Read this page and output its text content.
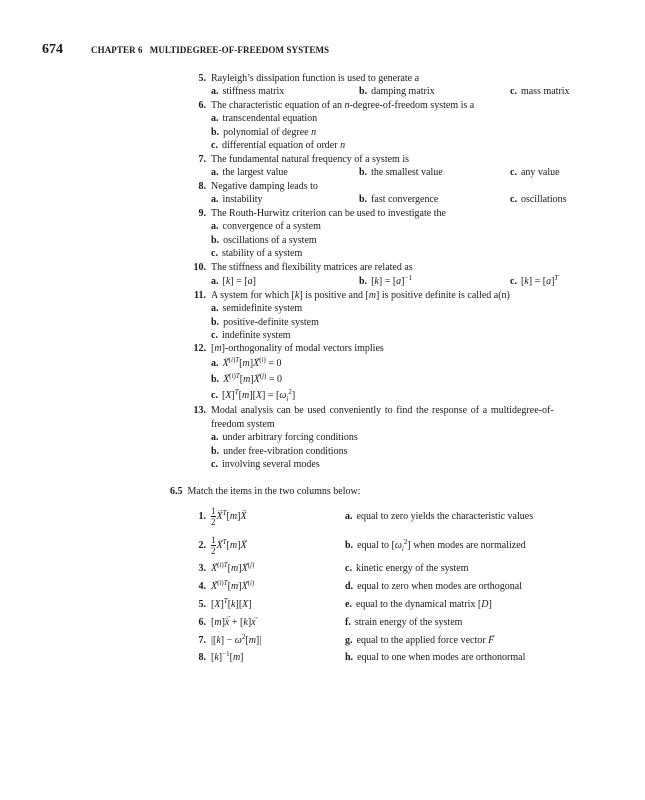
674	CHAPTER 6 MULTIDEGREE-OF-FREEDOM SYSTEMS
5. Rayleigh’s dissipation function is used to generate a
a. stiffness matrix	b. damping matrix	c. mass matrix
6. The characteristic equation of an n-degree-of-freedom system is a
a. transcendental equation
b. polynomial of degree n
c. differential equation of order n
7. The fundamental natural frequency of a system is
a. the largest value	b. the smallest value	c. any value
8. Negative damping leads to
a. instability	b. fast convergence	c. oscillations
9. The Routh-Hurwitz criterion can be used to investigate the
a. convergence of a system
b. oscillations of a system
c. stability of a system
10. The stiffness and flexibility matrices are related as
a. [k] = [a]	b. $[k] = [a]^{-1}$	c. $[k] = [a]^T$
11. A system for which [k] is positive and [m] is positive definite is called a(n)
a. semidefinite system
b. positive-definite system
c. indefinite system
12. [m]-orthogonality of modal vectors implies
$a.\to X^{(i)T}[m]\to X^{(i)} = 0$
$b.\to X^{(i)T}[m]\to X^{(j)} = 0$
c. $[X]^T[m][X] = [\omega_i^2]$
13. Modal analysis can be used conveniently to find the response of a multidegree-of-
freedom system
a. under arbitrary forcing conditions
b. under free-vibration conditions
c. involving several modes
6.5 Match the items in the two columns below:
1. $\frac{1}{2}$
→ X ·$^T$[m]→ X ·
2. $\frac{1}{2}$
→ $X^T[m]\to X$
3.
→ $X^{(i)T}[m]\to X^{(j)}$
4.
→ $X^{(i)T}[m]\to X^{(i)}$
5. $[X]^T[k][X]$
6. [m]→ x ·· + [k]→ x
7. $|[k] - \omega^2[m]|$
8. $[k]^{-1}[m]$
a. equal to zero yields the characteristic values
b. equal to $[\omega_i^2]$ when modes are normalized
c. kinetic energy of the system
d. equal to zero when modes are orthogonal
e. equal to the dynamical matrix [D]
f. strain energy of the system
g. equal to the applied force vector → F
h. equal to one when modes are orthonormal
